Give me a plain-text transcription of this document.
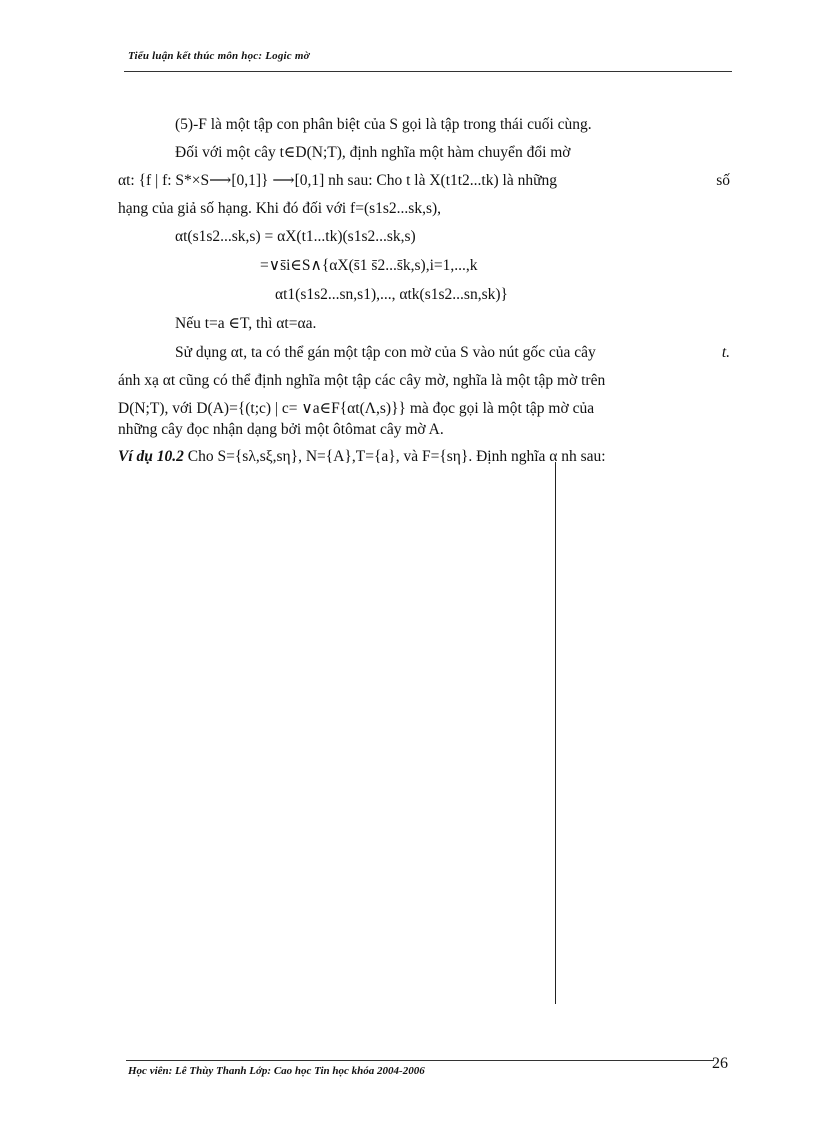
Tiểu luận kết thúc môn học: Logic mờ
(5)-F là một tập con phân biệt của S gọi là tập trong thái cuối cùng.
Đối với một cây t∈D(N;T), định nghĩa một hàm chuyển đổi mờ
αt: {f | f: S*×S⟶[0,1]} ⟶[0,1] nh sau: Cho t là X(t1t2...tk) là những	số
hạng của giả số hạng. Khi đó đối với f=(s1s2...sk,s),
αt(s1s2...sk,s) = αX(t1...tk)(s1s2...sk,s)
=∨s̄i∈S∧{αX(s̄1 s̄2...s̄k,s),i=1,...,k
αt1(s1s2...sn,s1),..., αtk(s1s2...sn,sk)}
Nếu t=a ∈T, thì αt=αa.
Sử dụng αt, ta có thể gán một tập con mờ của S vào nút gốc của cây	t.
ánh xạ αt cũng có thể định nghĩa một tập các cây mờ, nghĩa là một tập mờ trên
D(N;T), với D(A)={(t;c) | c= ∨a∈F{αt(Λ,s)}} mà đọc gọi là một tập mờ của
những cây đọc nhận dạng bởi một ôtômat cây mờ A.
Ví dụ 10.2 Cho S={sλ,sξ,sη}, N={A},T={a}, và F={sη}. Định nghĩa α nh sau:
Học viên: Lê Thùy Thanh Lớp: Cao học Tin học khóa 2004-2006	26
